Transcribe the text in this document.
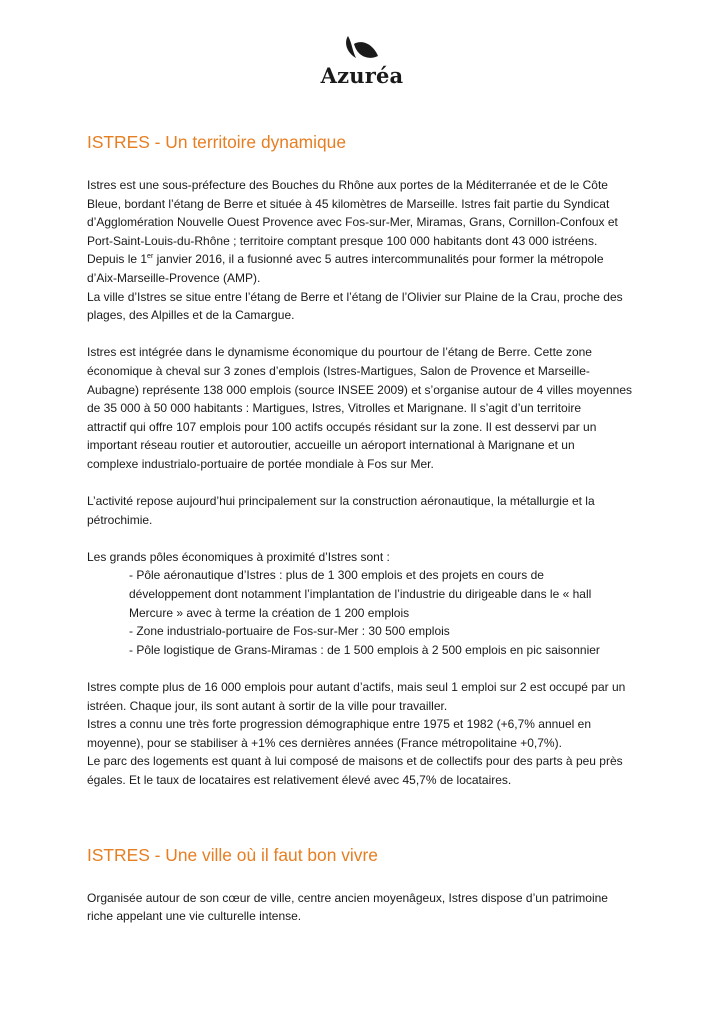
Azuréa
ISTRES - Un territoire dynamique

Istres est une sous-préfecture des Bouches du Rhône aux portes de la Méditerranée et de le Côte

Bleue, bordant l’étang de Berre et située à 45 kilomètres de Marseille. Istres fait partie du Syndicat

d’Agglomération Nouvelle Ouest Provence avec Fos-sur-Mer, Miramas, Grans, Cornillon-Confoux et

Port-Saint-Louis-du-Rhône ; territoire comptant presque 100 000 habitants dont 43 000 istréens.

Depuis le 1er janvier 2016, il a fusionné avec 5 autres intercommunalités pour former la métropole

d’Aix-Marseille-Provence (AMP).

La ville d’Istres se situe entre l’étang de Berre et l’étang de l’Olivier sur Plaine de la Crau, proche des

plages, des Alpilles et de la Camargue.

Istres est intégrée dans le dynamisme économique du pourtour de l’étang de Berre. Cette zone

économique à cheval sur 3 zones d’emplois (Istres-Martigues, Salon de Provence et Marseille-

Aubagne) représente 138 000 emplois (source INSEE 2009) et s’organise autour de 4 villes moyennes

de 35 000 à 50 000 habitants : Martigues, Istres, Vitrolles et Marignane. Il s’agit d’un territoire

attractif qui offre 107 emplois pour 100 actifs occupés résidant sur la zone. Il est desservi par un

important réseau routier et autoroutier, accueille un aéroport international à Marignane et un

complexe industrialo-portuaire de portée mondiale à Fos sur Mer.

L’activité repose aujourd’hui principalement sur la construction aéronautique, la métallurgie et la

pétrochimie.

Les grands pôles économiques à proximité d’Istres sont :

- Pôle aéronautique d’Istres : plus de 1 300 emplois et des projets en cours de

développement dont notamment l’implantation de l’industrie du dirigeable dans le « hall

Mercure » avec à terme la création de 1 200 emplois

- Zone industrialo-portuaire de Fos-sur-Mer : 30 500 emplois

- Pôle logistique de Grans-Miramas : de 1 500 emplois à 2 500 emplois en pic saisonnier

Istres compte plus de 16 000 emplois pour autant d’actifs, mais seul 1 emploi sur 2 est occupé par un

istréen. Chaque jour, ils sont autant à sortir de la ville pour travailler.

Istres a connu une très forte progression démographique entre 1975 et 1982 (+6,7% annuel en

moyenne), pour se stabiliser à +1% ces dernières années (France métropolitaine +0,7%).

Le parc des logements est quant à lui composé de maisons et de collectifs pour des parts à peu près

égales. Et le taux de locataires est relativement élevé avec 45,7% de locataires.

ISTRES - Une ville où il faut bon vivre

Organisée autour de son cœur de ville, centre ancien moyenâgeux, Istres dispose d’un patrimoine

riche appelant une vie culturelle intense.
